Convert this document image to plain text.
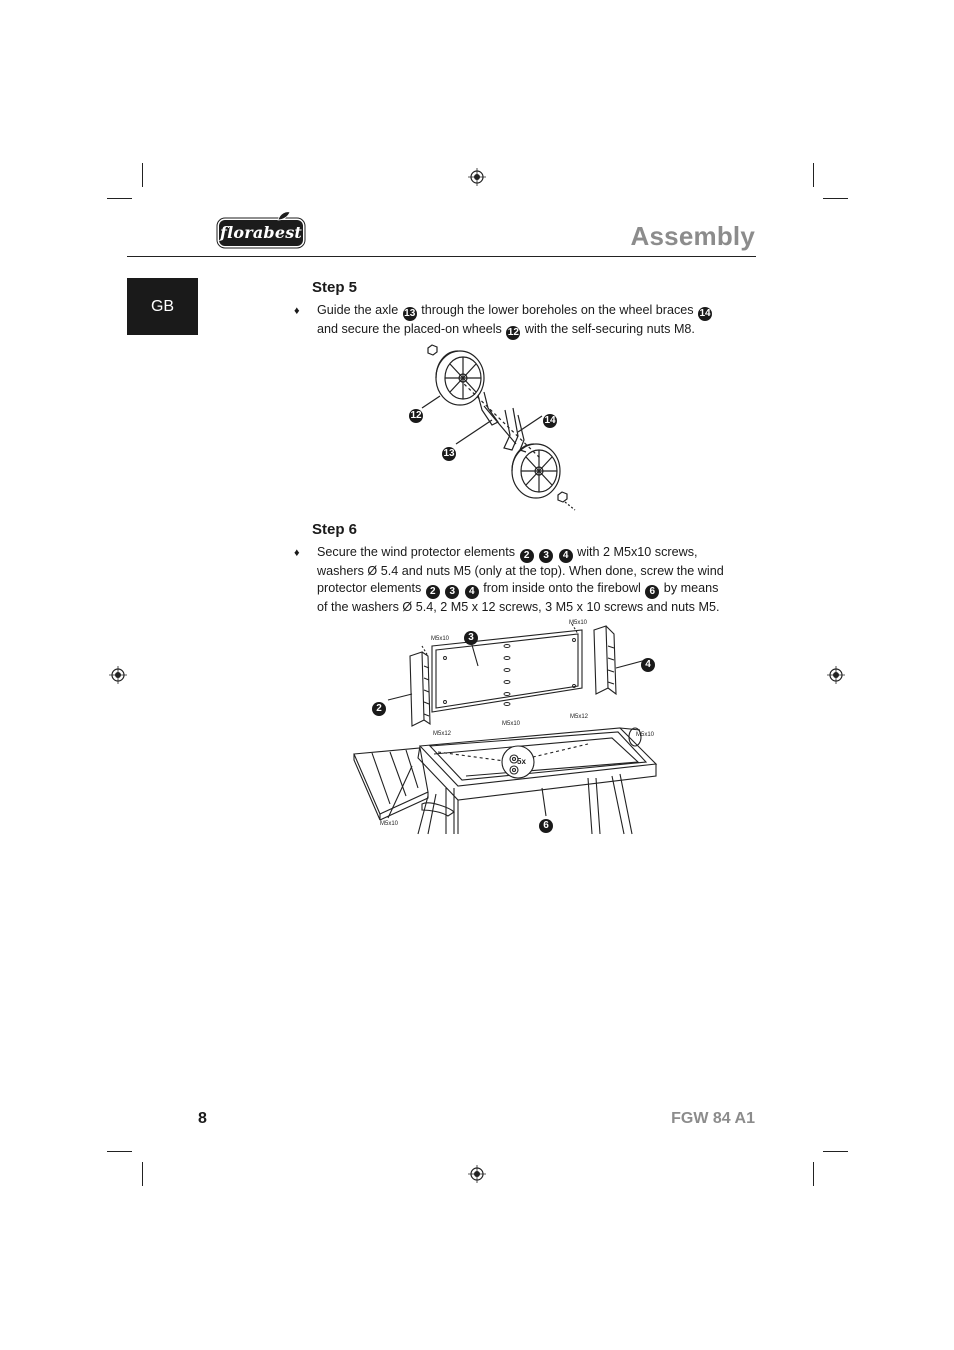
florabest	Assembly
GB
Step 5
♦ Guide the axle 13 through the lower boreholes on the wheel braces 14 and secure the placed-on wheels 12 with the self-securing nuts M8.
12	14
13
Step 6
♦ Secure the wind protector elements 2 3 4 with 2 M5x10 screws, washers Ø 5.4 and nuts M5 (only at the top). When done, screw the wind protector elements 2 3 4 from inside onto the firebowl 6 by means of the washers Ø 5.4, 2 M5 x 12 screws, 3 M5 x 10 screws and nuts M5.
M5x10
M5x10
M5x12
M5x10
M5x12
M5x10
M5x10
5x
3
4
2
6
8	FGW 84 A1
